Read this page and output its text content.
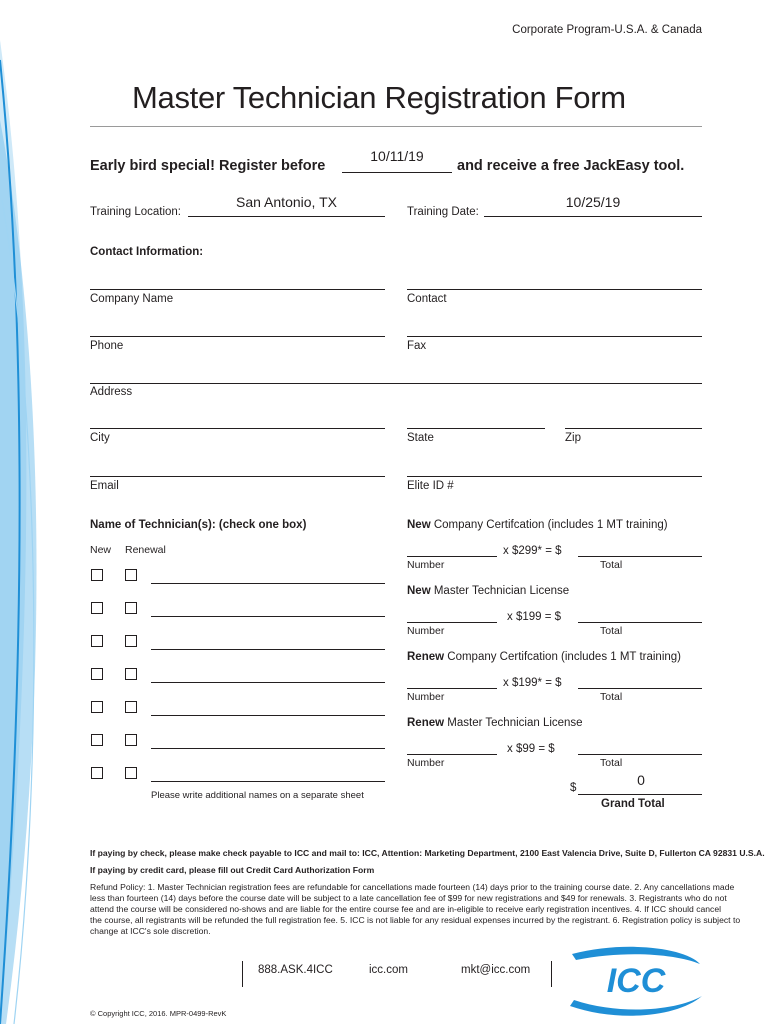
Corporate Program-U.S.A. & Canada
Master Technician Registration Form
Early bird special! Register before
10/11/19
and receive a free JackEasy tool.
Training Location:
San Antonio, TX
Training Date:
10/25/19
Contact Information:
Company Name	Contact
Phone	Fax
Address
City	State	Zip
Email	Elite ID #
Name of Technician(s): (check one box)
New Renewal
Please write additional names on a separate sheet
New Company Certifcation (includes 1 MT training)
x $299* = $
Number	Total
New Master Technician License
x $199 = $
Number	Total
Renew Company Certifcation (includes 1 MT training)
x $199* = $
Number	Total
Renew Master Technician License
x $99 = $
Number	Total
$	0
Grand Total
If paying by check, please make check payable to ICC and mail to: ICC, Attention: Marketing Department, 2100 East Valencia Drive, Suite D, Fullerton CA 92831 U.S.A.
If paying by credit card, please fill out Credit Card Authorization Form
Refund Policy: 1. Master Technician registration fees are refundable for cancellations made fourteen (14) days prior to the training course date. 2. Any cancellations made
less than fourteen (14) days before the course date will be subject to a late cancellation fee of $99 for new registrations and $49 for renewals. 3. Registrants who do not
attend the course will be considered no-shows and are liable for the entire course fee and are in-eligible to receive early registration incentives. 4. If ICC should cancel
the course, all registrants will be refunded the full registration fee. 5. ICC is not liable for any residual expenses incurred by the registrant. 6. Registration policy is subject to
change at ICC's sole discretion.
888.ASK.4ICC	icc.com	mkt@icc.com ICC
© Copyright ICC, 2016. MPR-0499-RevK
